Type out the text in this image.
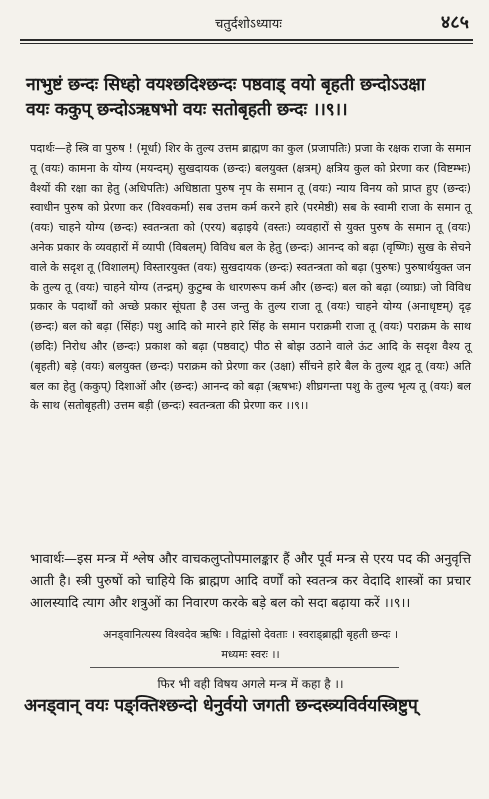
चतुर्दशोऽध्यायः	४८५
नाभुष्टं छन्दः सिध्हो वयश्छदिश्छन्दः पष्ठवाड् वयो बृहती छन्दोऽउक्षा
वयः ककुप् छन्दोऽऋषभो वयः सतोबृहती छन्दः ।।९।।
पदार्थः—हे स्त्रि वा पुरुष ! (मूर्धा) शिर के तुल्य उत्तम ब्राह्मण का कुल (प्रजापतिः) प्रजा के रक्षक राजा के समान तू (वयः) कामना के योग्य (मयन्दम्) सुखदायक (छन्दः) बलयुक्त (क्षत्रम्) क्षत्रिय कुल को प्रेरणा कर (विष्टम्भः) वैश्यों की रक्षा का हेतु (अधिपतिः) अधिष्ठाता पुरुष नृप के समान तू (वयः) न्याय विनय को प्राप्त हुए (छन्दः) स्वाधीन पुरुष को प्रेरणा कर (विश्वकर्मा) सब उत्तम कर्म करने हारे (परमेष्ठी) सब के स्वामी राजा के समान तू (वयः) चाहने योग्य (छन्दः) स्वतन्त्रता को (एरय) बढ़ाइये (वस्तः) व्यवहारों से युक्त पुरुष के समान तू (वयः) अनेक प्रकार के व्यवहारों में व्यापी (विबलम्) विविध बल के हेतु (छन्दः) आनन्द को बढ़ा (वृष्णिः) सुख के सेचने वाले के सदृश तू (विशालम्) विस्तारयुक्त (वयः) सुखदायक (छन्दः) स्वतन्त्रता को बढ़ा (पुरुषः) पुरुषार्थयुक्त जन के तुल्य तू (वयः) चाहने योग्य (तन्द्रम्) कुटुम्ब के धारणरूप कर्म और (छन्दः) बल को बढ़ा (व्याघ्रः) जो विविध प्रकार के पदार्थों को अच्छे प्रकार सूंघता है उस जन्तु के तुल्य राजा तू (वयः) चाहने योग्य (अनाधृष्टम्) दृढ़ (छन्दः) बल को बढ़ा (सिंहः) पशु आदि को मारने हारे सिंह के समान पराक्रमी राजा तू (वयः) पराक्रम के साथ (छदिः) निरोध और (छन्दः) प्रकाश को बढ़ा (पष्ठवाट्) पीठ से बोझ उठाने वाले ऊंट आदि के सदृश वैश्य तू (बृहती) बड़े (वयः) बलयुक्त (छन्दः) पराक्रम को प्रेरणा कर (उक्षा) सींचने हारे बैल के तुल्य शूद्र तू (वयः) अति बल का हेतु (ककुप्) दिशाओं और (छन्दः) आनन्द को बढ़ा (ऋषभः) शीघ्रगन्ता पशु के तुल्य भृत्य तू (वयः) बल के साथ (सतोबृहती) उत्तम बड़ी (छन्दः) स्वतन्त्रता की प्रेरणा कर ।।९।।
भावार्थः—इस मन्त्र में श्लेष और वाचकलुप्तोपमालङ्कार हैं और पूर्व मन्त्र से एरय पद की अनुवृत्ति आती है। स्त्री पुरुषों को चाहिये कि ब्राह्मण आदि वर्णों को स्वतन्त्र कर वेदादि शास्त्रों का प्रचार आलस्यादि त्याग और शत्रुओं का निवारण करके बड़े बल को सदा बढ़ाया करें ।।९।।
अनड्वानित्यस्य विश्वदेव ऋषिः । विद्वांसो देवताः । स्वराड्ब्राह्मी बृहती छन्दः ।
मध्यमः स्वरः ।।
फिर भी वही विषय अगले मन्त्र में कहा है ।।
अनड्वान् वयः पङ्क्तिश्छन्दो धेनुर्वयो जगती छन्दस्त्र्यविर्वयस्त्रिष्टुप्
